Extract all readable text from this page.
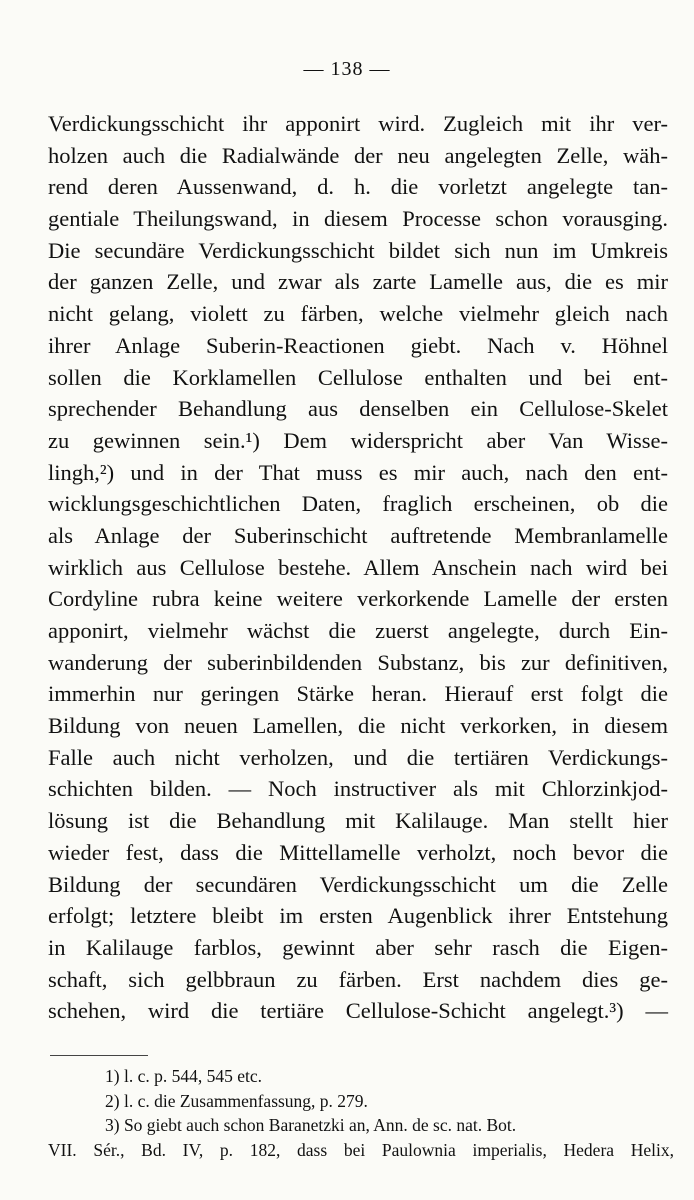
— 138 —
Verdickungsschicht ihr apponirt wird. Zugleich mit ihr ver-
holzen auch die Radialwände der neu angelegten Zelle, wäh-
rend deren Aussenwand, d. h. die vorletzt angelegte tan-
gentiale Theilungswand, in diesem Processe schon vorausging.
Die secundäre Verdickungsschicht bildet sich nun im Umkreis
der ganzen Zelle, und zwar als zarte Lamelle aus, die es mir
nicht gelang, violett zu färben, welche vielmehr gleich nach
ihrer Anlage Suberin-Reactionen giebt. Nach v. Höhnel
sollen die Korklamellen Cellulose enthalten und bei ent-
sprechender Behandlung aus denselben ein Cellulose-Skelet
zu gewinnen sein.¹) Dem widerspricht aber Van Wisse-
lingh,²) und in der That muss es mir auch, nach den ent-
wicklungsgeschichtlichen Daten, fraglich erscheinen, ob die
als Anlage der Suberinschicht auftretende Membranlamelle
wirklich aus Cellulose bestehe. Allem Anschein nach wird bei
Cordyline rubra keine weitere verkorkende Lamelle der ersten
apponirt, vielmehr wächst die zuerst angelegte, durch Ein-
wanderung der suberinbildenden Substanz, bis zur definitiven,
immerhin nur geringen Stärke heran. Hierauf erst folgt die
Bildung von neuen Lamellen, die nicht verkorken, in diesem
Falle auch nicht verholzen, und die tertiären Verdickungs-
schichten bilden. — Noch instructiver als mit Chlorzinkjod-
lösung ist die Behandlung mit Kalilauge. Man stellt hier
wieder fest, dass die Mittellamelle verholzt, noch bevor die
Bildung der secundären Verdickungsschicht um die Zelle
erfolgt; letztere bleibt im ersten Augenblick ihrer Entstehung
in Kalilauge farblos, gewinnt aber sehr rasch die Eigen-
schaft, sich gelbbraun zu färben. Erst nachdem dies ge-
schehen, wird die tertiäre Cellulose-Schicht angelegt.³) —
1) l. c. p. 544, 545 etc.
2) l. c. die Zusammenfassung, p. 279.
3) So giebt auch schon Baranetzki an, Ann. de sc. nat. Bot.
VII. Sér., Bd. IV, p. 182, dass bei Paulownia imperialis, Hedera Helix,
